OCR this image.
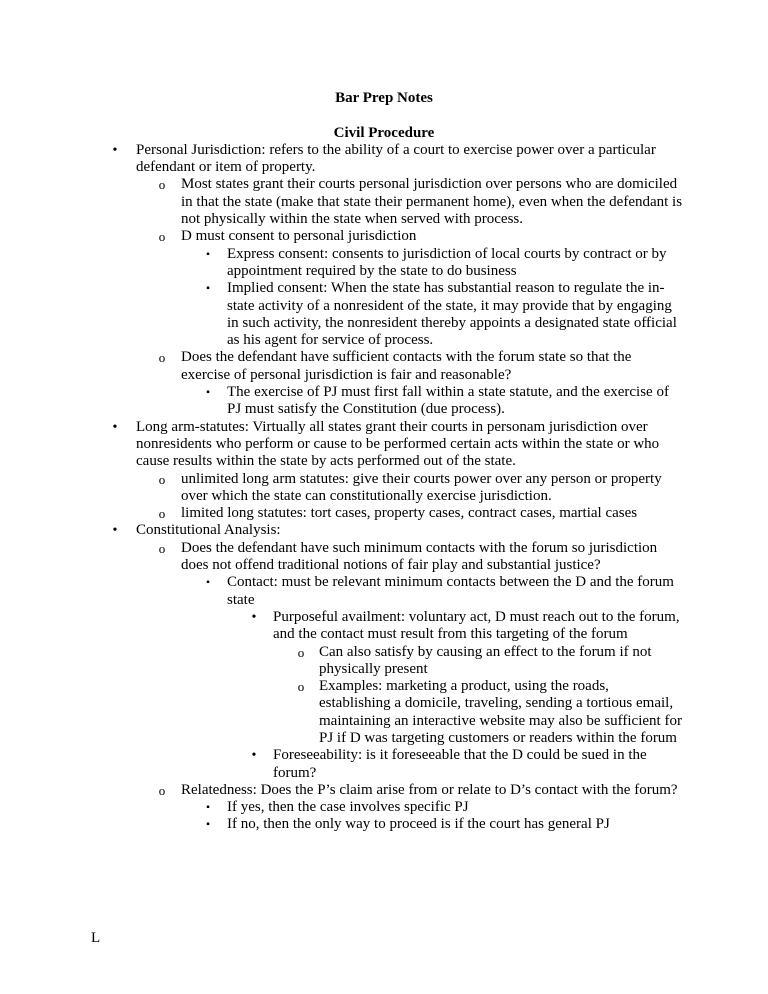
Bar Prep Notes
Civil Procedure
•	Personal Jurisdiction: refers to the ability of a court to exercise power over a particular defendant or item of property.
o	Most states grant their courts personal jurisdiction over persons who are domiciled in that the state (make that state their permanent home), even when the defendant is not physically within the state when served with process.
o	D must consent to personal jurisdiction
▪	Express consent: consents to jurisdiction of local courts by contract or by appointment required by the state to do business
▪	Implied consent: When the state has substantial reason to regulate the in-state activity of a nonresident of the state, it may provide that by engaging in such activity, the nonresident thereby appoints a designated state official as his agent for service of process.
o	Does the defendant have sufficient contacts with the forum state so that the exercise of personal jurisdiction is fair and reasonable?
▪	The exercise of PJ must first fall within a state statute, and the exercise of PJ must satisfy the Constitution (due process).
•	Long arm-statutes: Virtually all states grant their courts in personam jurisdiction over nonresidents who perform or cause to be performed certain acts within the state or who cause results within the state by acts performed out of the state.
o	unlimited long arm statutes: give their courts power over any person or property over which the state can constitutionally exercise jurisdiction.
o	limited long statutes: tort cases, property cases, contract cases, martial cases
•	Constitutional Analysis:
o	Does the defendant have such minimum contacts with the forum so jurisdiction does not offend traditional notions of fair play and substantial justice?
▪	Contact: must be relevant minimum contacts between the D and the forum state
•	Purposeful availment: voluntary act, D must reach out to the forum, and the contact must result from this targeting of the forum
o Can also satisfy by causing an effect to the forum if not physically present
o Examples: marketing a product, using the roads, establishing a domicile, traveling, sending a tortious email, maintaining an interactive website may also be sufficient for PJ if D was targeting customers or readers within the forum
•	Foreseeability: is it foreseeable that the D could be sued in the forum?
o	Relatedness: Does the P’s claim arise from or relate to D’s contact with the forum?
▪	If yes, then the case involves specific PJ
▪	If no, then the only way to proceed is if the court has general PJ
L
